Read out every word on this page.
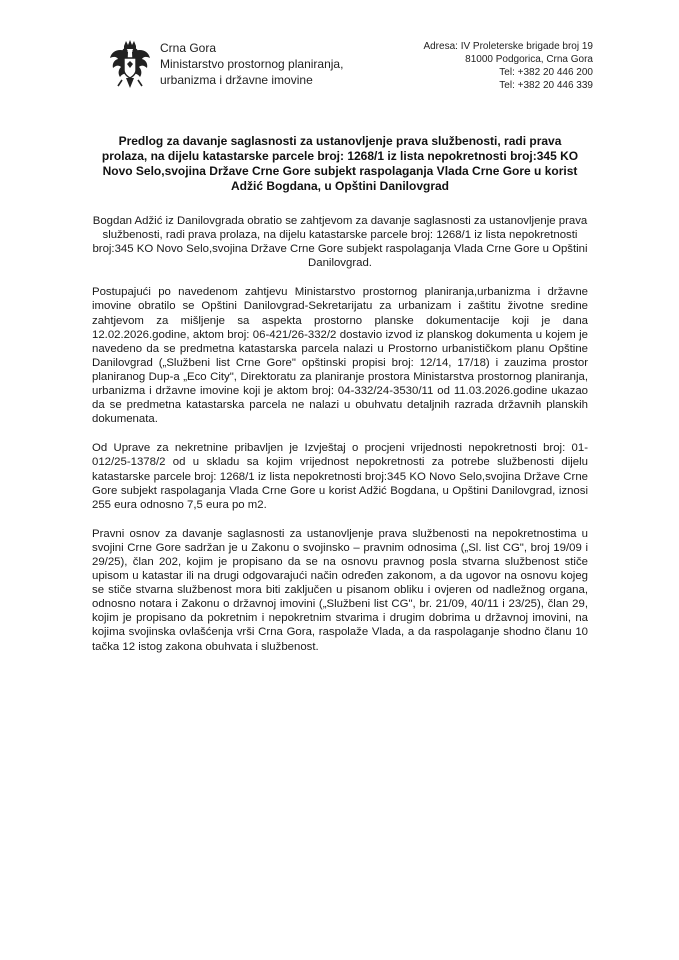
Crna Gora
Ministarstvo prostornog planiranja,
urbanizma i državne imovine
Adresa: IV Proleterske brigade broj 19
81000 Podgorica, Crna Gora
Tel: +382 20 446 200
Tel: +382 20 446 339
Predlog za davanje saglasnosti za ustanovljenje prava službenosti, radi prava prolaza, na dijelu katastarske parcele broj: 1268/1 iz lista nepokretnosti broj:345 KO Novo Selo,svojina Države Crne Gore subjekt raspolaganja Vlada Crne Gore u korist Adžić Bogdana, u Opštini Danilovgrad

Bogdan Adžić iz Danilovgrada obratio se zahtjevom za davanje saglasnosti za ustanovljenje prava službenosti, radi prava prolaza, na dijelu katastarske parcele broj: 1268/1 iz lista nepokretnosti broj:345 KO Novo Selo,svojina Države Crne Gore subjekt raspolaganja Vlada Crne Gore u Opštini Danilovgrad.

Postupajući po navedenom zahtjevu Ministarstvo prostornog planiranja,urbanizma i državne imovine obratilo se Opštini Danilovgrad-Sekretarijatu za urbanizam i zaštitu životne sredine zahtjevom za mišljenje sa aspekta prostorno planske dokumentacije koji je dana 12.02.2026.godine, aktom broj: 06-421/26-332/2 dostavio izvod iz planskog dokumenta u kojem je navedeno da se predmetna katastarska parcela nalazi u Prostorno urbanističkom planu Opštine Danilovgrad („Službeni list Crne Gore" opštinski propisi broj: 12/14, 17/18) i zauzima prostor planiranog Dup-a „Eco City", Direktoratu za planiranje prostora Ministarstva prostornog planiranja, urbanizma i državne imovine koji je aktom broj: 04-332/24-3530/11 od 11.03.2026.godine ukazao da se predmetna katastarska parcela ne nalazi u obuhvatu detaljnih razrada državnih planskih dokumenata.

Od Uprave za nekretnine pribavljen je Izvještaj o procjeni vrijednosti nepokretnosti broj: 01-012/25-1378/2 od u skladu sa kojim vrijednost nepokretnosti za potrebe službenosti dijelu katastarske parcele broj: 1268/1 iz lista nepokretnosti broj:345 KO Novo Selo,svojina Države Crne Gore subjekt raspolaganja Vlada Crne Gore u korist Adžić Bogdana, u Opštini Danilovgrad, iznosi 255 eura odnosno 7,5 eura po m2.

Pravni osnov za davanje saglasnosti za ustanovljenje prava službenosti na nepokretnostima u svojini Crne Gore sadržan je u Zakonu o svojinsko – pravnim odnosima („Sl. list CG", broj 19/09 i 29/25), član 202, kojim je propisano da se na osnovu pravnog posla stvarna službenost stiče upisom u katastar ili na drugi odgovarajući način određen zakonom, a da ugovor na osnovu kojeg se stiče stvarna službenost mora biti zaključen u pisanom obliku i ovjeren od nadležnog organa, odnosno notara i Zakonu o državnoj imovini („Službeni list CG", br. 21/09, 40/11 i 23/25), član 29, kojim je propisano da pokretnim i nepokretnim stvarima i drugim dobrima u državnoj imovini, na kojima svojinska ovlašćenja vrši Crna Gora, raspolaže Vlada, a da raspolaganje shodno članu 10 tačka 12 istog zakona obuhvata i službenost.
